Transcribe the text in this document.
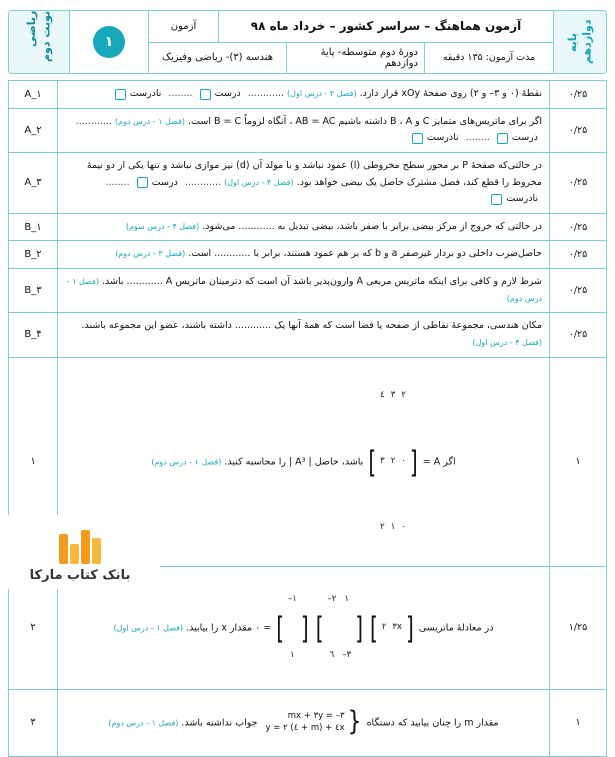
پایه دوازدهم
آزمون هماهنگ – سراسر کشور – خرداد ماه ۹۸
آزمون
مدت آزمون: ۱۳۵ دقیقه
دورهٔ دوم متوسطه- پایهٔ دوازدهم
هندسه (۳)- ریاضی وفیزیک
۱
ریاضی نوبت دوم
۰/۲۵	نقطهٔ (۰ و ۳– و ۲) روی صفحهٔ xOy قرار دارد. (فصل ۳ - درس اول) ............
درست
........
نادرست
	A_۱
۰/۲۵	اگر برای ماتریس‌های متمایز C و B ، A داشته باشیم AB = AC ، آنگاه لزوماً B = C است. (فصل ۱ - درس دوم) ............
درست
........
نادرست
	A_۲
۰/۲۵	در حالتی‌که صفحهٔ P بر محور سطح مخروطی (l) عمود نباشد و با مولد آن (d) نیز موازی نباشد و تنها یکی از دو نیمهٔ مخروط را قطع کند، فصل مشترک حاصل یک بیضی خواهد بود. (فصل ۴ - درس اول) ............
درست
........
نادرست
	A_۳
۰/۲۵	در حالتی که خروج از مرکز بیضی برابر با صفر باشد، بیضی تبدیل به ............ می‌شود. (فصل ۴ - درس سوم)	B_۱
۰/۲۵	حاصل‌ضرب داخلی دو بردار غیرصفر a و b که بر هم عمود هستند، برابر با ............ است. (فصل ۳ - درس دوم)	B_۲
۰/۲۵	شرط لازم و کافی برای اینکه ماتریس مربعی A وارون‌پذیر باشد آن است که دترمینان ماتریس A ............ باشد. (فصل ۱ - درس دوم)	B_۳
۰/۲۵	مکان هندسی، مجموعهٔ نقاطی از صفحه یا فضا است که همهٔ آنها یک ............ داشته باشند، عضو این مجموعه باشند. (فصل ۴ - درس اول)	B_۴
۱	اگر A =
[
۲	۳	٤
۰	۲	۳
۰	۱	۲
]
باشد، حاصل | A³ | را محاسبه کنید. (فصل ۱ - درس دوم)	۱
۱/۲۵	در معادلهٔ ماتریسی
[
۳x	۲
]

[
۱	۲–
۳–	٦
]

[
۱–
۱
]
= ۰ مقدار x را بیابید. (فصل ۱ - درس اول)	۲
۱	مقدار m را چنان بیابید که دستگاه
{
mx + ۳y = –۳
٤x + (m + ٤) y = ۲
جواب نداشته باشد. (فصل ۱ - درس دوم)	۳
بانک کتاب مارکا
